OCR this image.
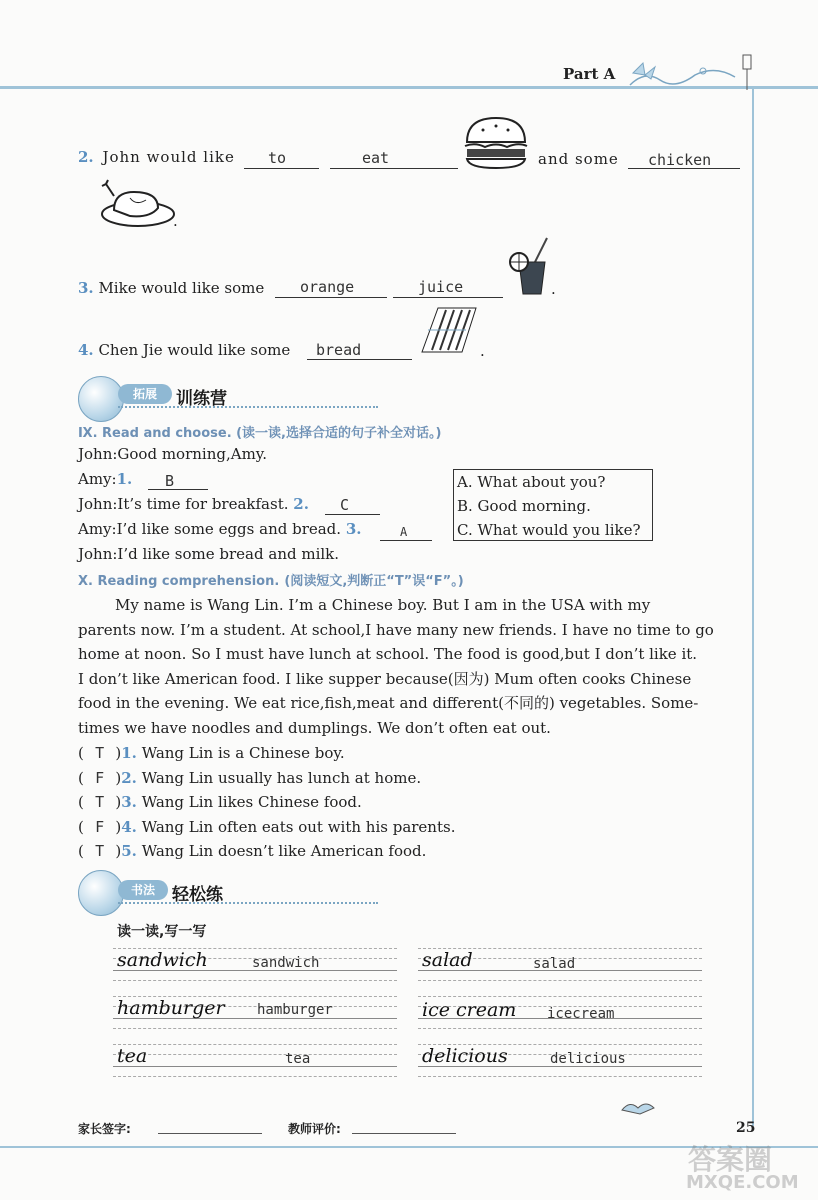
Part A
2. John would like	to	eat	and some chicken
.
3. Mike would like some orange	juice	.
4. Chen Jie would like some bread	.
拓展	训练营
Ⅸ. Read and choose. (读一读,选择合适的句子补全对话。)
John:Good morning,Amy.
Amy:1. B
John:It’s time for breakfast. 2. C
Amy:I’d like some eggs and bread. 3.	A
John:I’d like some bread and milk.
A. What about you?
B. Good morning.
C. What would you like?
Ⅹ. Reading comprehension. (阅读短文,判断正“T”误“F”。)
My name is Wang Lin. I’m a Chinese boy. But I am in the USA with my
parents now. I’m a student. At school,I have many new friends. I have no time to go
home at noon. So I must have lunch at school. The food is good,but I don’t like it.
I don’t like American food. I like supper because(因为) Mum often cooks Chinese
food in the evening. We eat rice,fish,meat and different(不同的) vegetables. Some-
times we have noodles and dumplings. We don’t often eat out.
( T )1. Wang Lin is a Chinese boy.
( F )2. Wang Lin usually has lunch at home.
( T )3. Wang Lin likes Chinese food.
( F )4. Wang Lin often eats out with his parents.
( T )5. Wang Lin doesn’t like American food.
书法	轻松练
读一读,写一写
sandwich	sandwich	salad	salad
hamburger hamburger	ice cream icecream
tea	tea	delicious	delicious
家长签字:	教师评价:	25
答案圈
MXQE.COM
